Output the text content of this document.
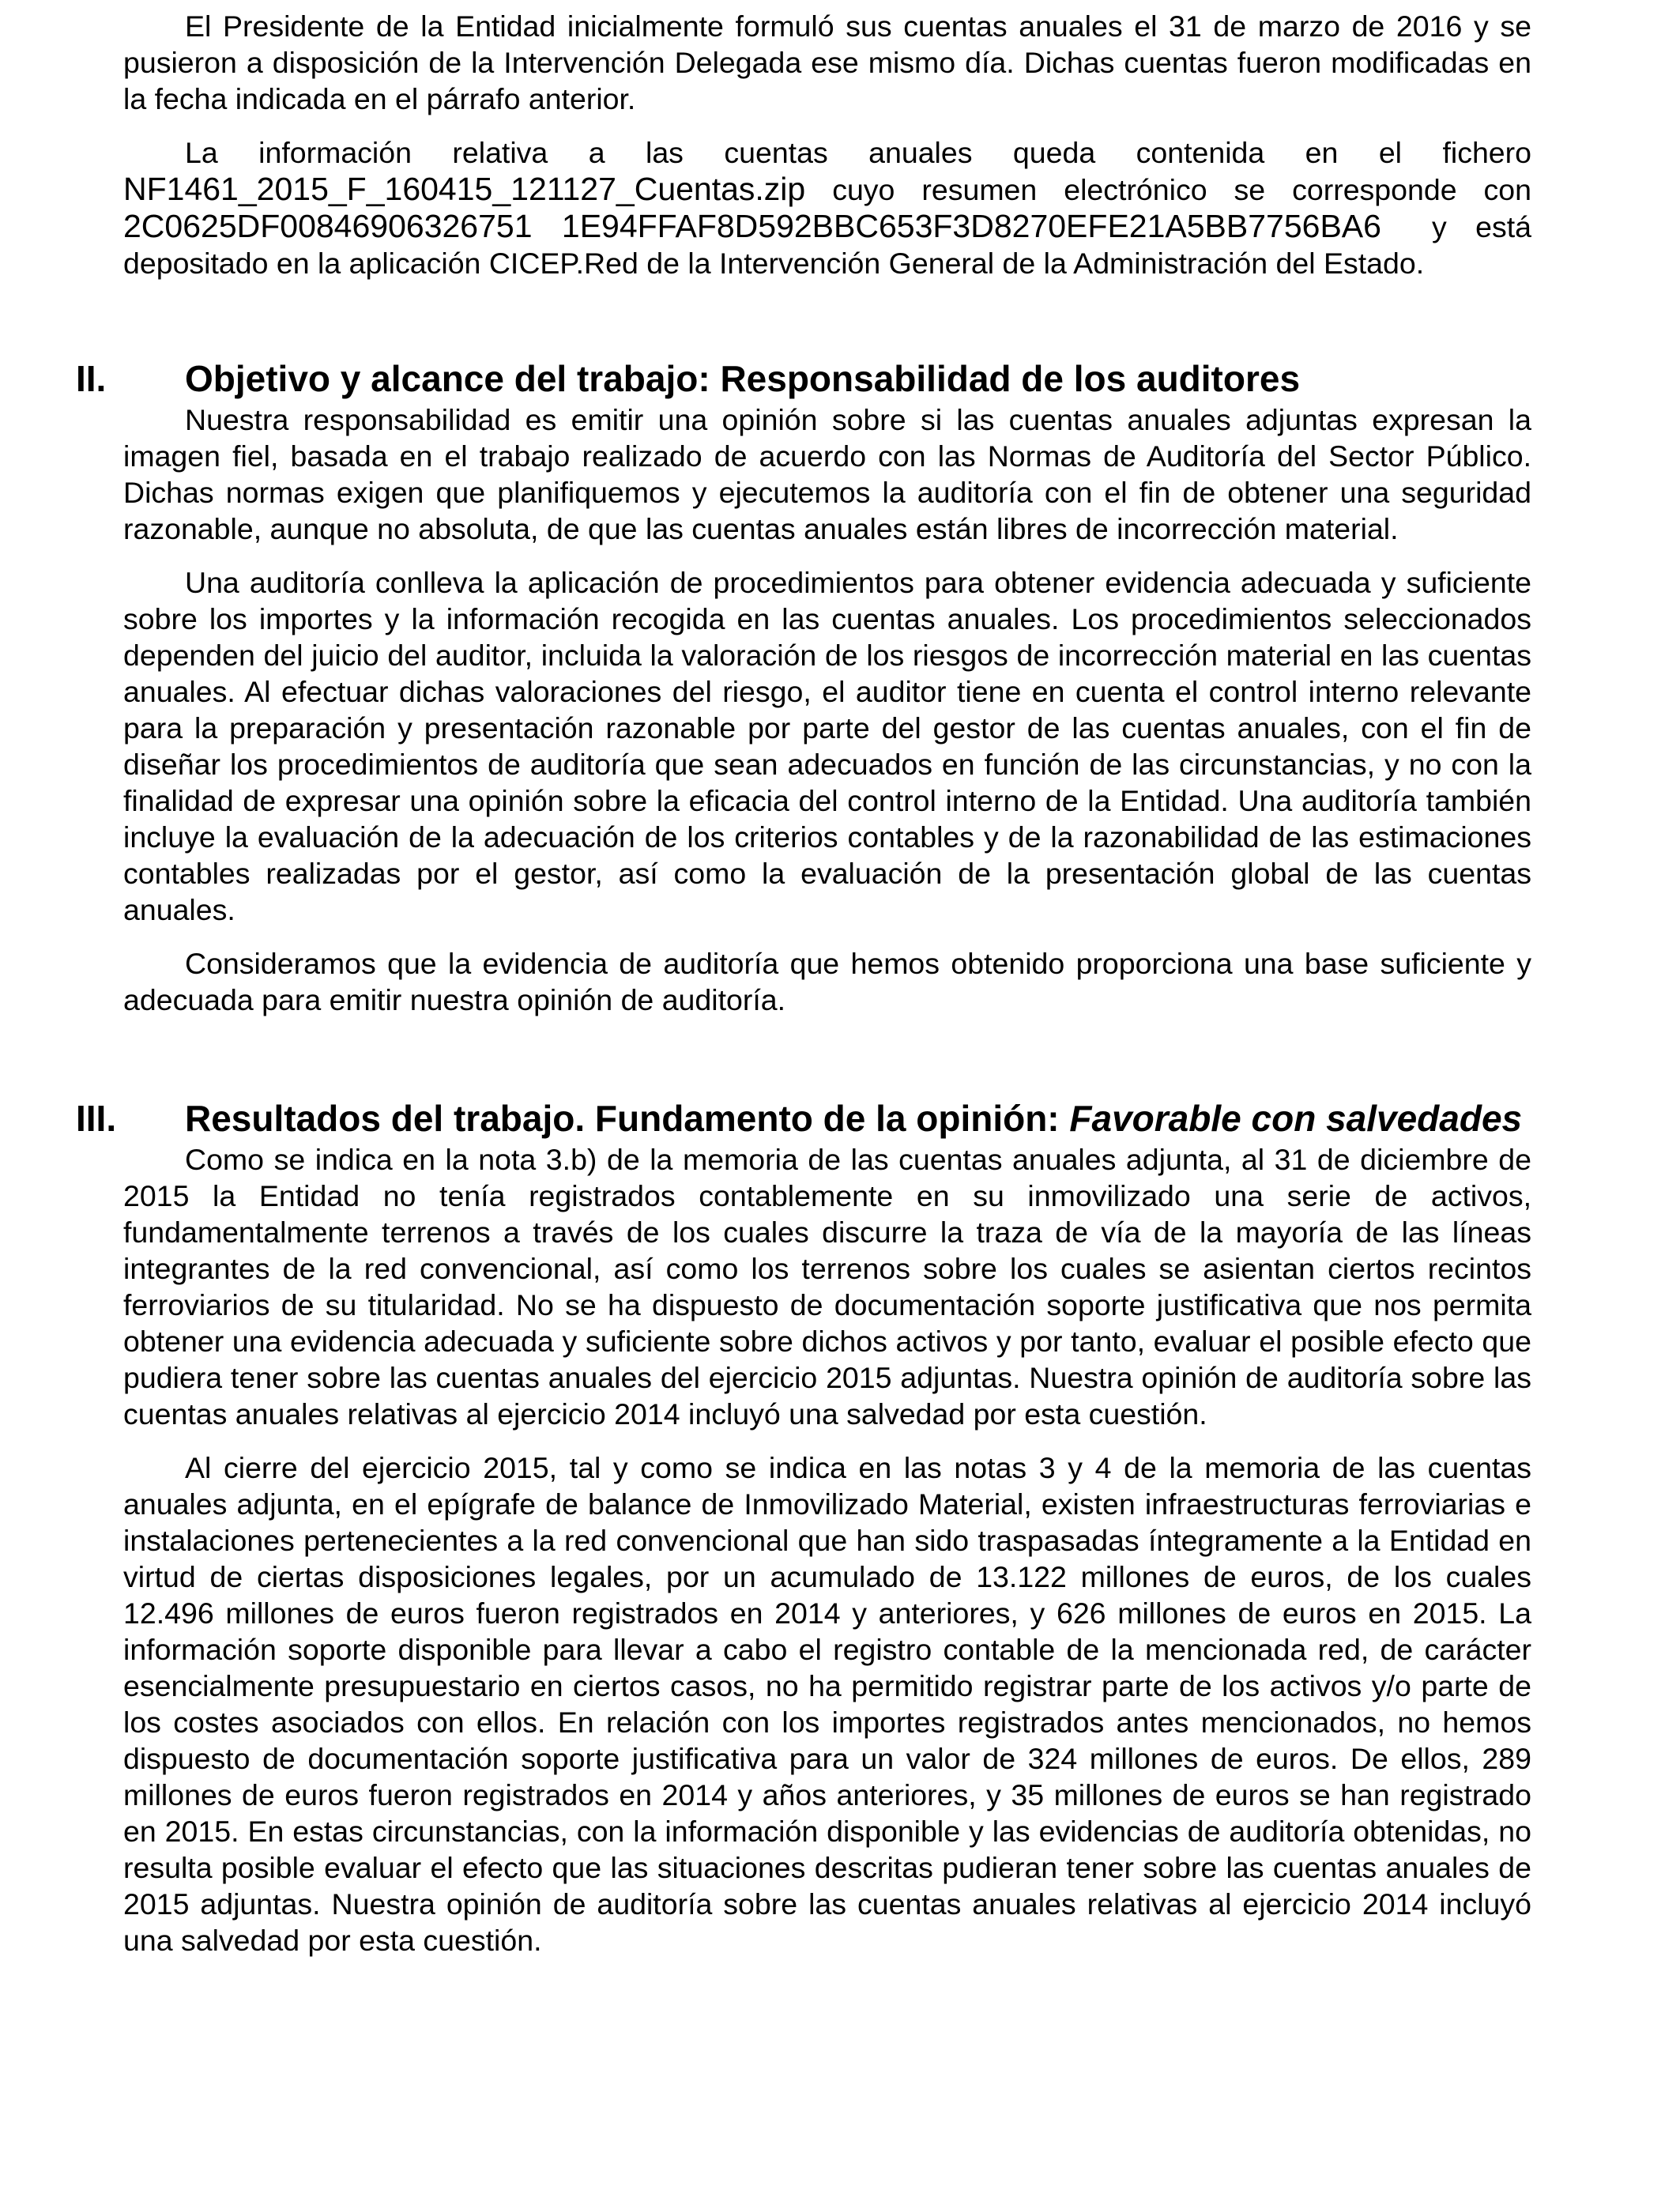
El Presidente de la Entidad inicialmente formuló sus cuentas anuales el 31 de marzo de 2016 y se pusieron a disposición de la Intervención Delegada ese mismo día. Dichas cuentas fueron modificadas en la fecha indicada en el párrafo anterior.

La información relativa a las cuentas anuales queda contenida en el fichero NF1461_2015_F_160415_121127_Cuentas.zip cuyo resumen electrónico se corresponde con 2C0625DF00846906326751 1E94FFAF8D592BBC653F3D8270EFE21A5BB7756BA6 y está depositado en la aplicación CICEP.Red de la Intervención General de la Administración del Estado.

II. Objetivo y alcance del trabajo: Responsabilidad de los auditores

Nuestra responsabilidad es emitir una opinión sobre si las cuentas anuales adjuntas expresan la imagen fiel, basada en el trabajo realizado de acuerdo con las Normas de Auditoría del Sector Público. Dichas normas exigen que planifiquemos y ejecutemos la auditoría con el fin de obtener una seguridad razonable, aunque no absoluta, de que las cuentas anuales están libres de incorrección material.

Una auditoría conlleva la aplicación de procedimientos para obtener evidencia adecuada y suficiente sobre los importes y la información recogida en las cuentas anuales. Los procedimientos seleccionados dependen del juicio del auditor, incluida la valoración de los riesgos de incorrección material en las cuentas anuales. Al efectuar dichas valoraciones del riesgo, el auditor tiene en cuenta el control interno relevante para la preparación y presentación razonable por parte del gestor de las cuentas anuales, con el fin de diseñar los procedimientos de auditoría que sean adecuados en función de las circunstancias, y no con la finalidad de expresar una opinión sobre la eficacia del control interno de la Entidad. Una auditoría también incluye la evaluación de la adecuación de los criterios contables y de la razonabilidad de las estimaciones contables realizadas por el gestor, así como la evaluación de la presentación global de las cuentas anuales.

Consideramos que la evidencia de auditoría que hemos obtenido proporciona una base suficiente y adecuada para emitir nuestra opinión de auditoría.

III. Resultados del trabajo. Fundamento de la opinión: Favorable con salvedades

Como se indica en la nota 3.b) de la memoria de las cuentas anuales adjunta, al 31 de diciembre de 2015 la Entidad no tenía registrados contablemente en su inmovilizado una serie de activos, fundamentalmente terrenos a través de los cuales discurre la traza de vía de la mayoría de las líneas integrantes de la red convencional, así como los terrenos sobre los cuales se asientan ciertos recintos ferroviarios de su titularidad. No se ha dispuesto de documentación soporte justificativa que nos permita obtener una evidencia adecuada y suficiente sobre dichos activos y por tanto, evaluar el posible efecto que pudiera tener sobre las cuentas anuales del ejercicio 2015 adjuntas. Nuestra opinión de auditoría sobre las cuentas anuales relativas al ejercicio 2014 incluyó una salvedad por esta cuestión.

Al cierre del ejercicio 2015, tal y como se indica en las notas 3 y 4 de la memoria de las cuentas anuales adjunta, en el epígrafe de balance de Inmovilizado Material, existen infraestructuras ferroviarias e instalaciones pertenecientes a la red convencional que han sido traspasadas íntegramente a la Entidad en virtud de ciertas disposiciones legales, por un acumulado de 13.122 millones de euros, de los cuales 12.496 millones de euros fueron registrados en 2014 y anteriores, y 626 millones de euros en 2015. La información soporte disponible para llevar a cabo el registro contable de la mencionada red, de carácter esencialmente presupuestario en ciertos casos, no ha permitido registrar parte de los activos y/o parte de los costes asociados con ellos. En relación con los importes registrados antes mencionados, no hemos dispuesto de documentación soporte justificativa para un valor de 324 millones de euros. De ellos, 289 millones de euros fueron registrados en 2014 y años anteriores, y 35 millones de euros se han registrado en 2015. En estas circunstancias, con la información disponible y las evidencias de auditoría obtenidas, no resulta posible evaluar el efecto que las situaciones descritas pudieran tener sobre las cuentas anuales de 2015 adjuntas. Nuestra opinión de auditoría sobre las cuentas anuales relativas al ejercicio 2014 incluyó una salvedad por esta cuestión.
